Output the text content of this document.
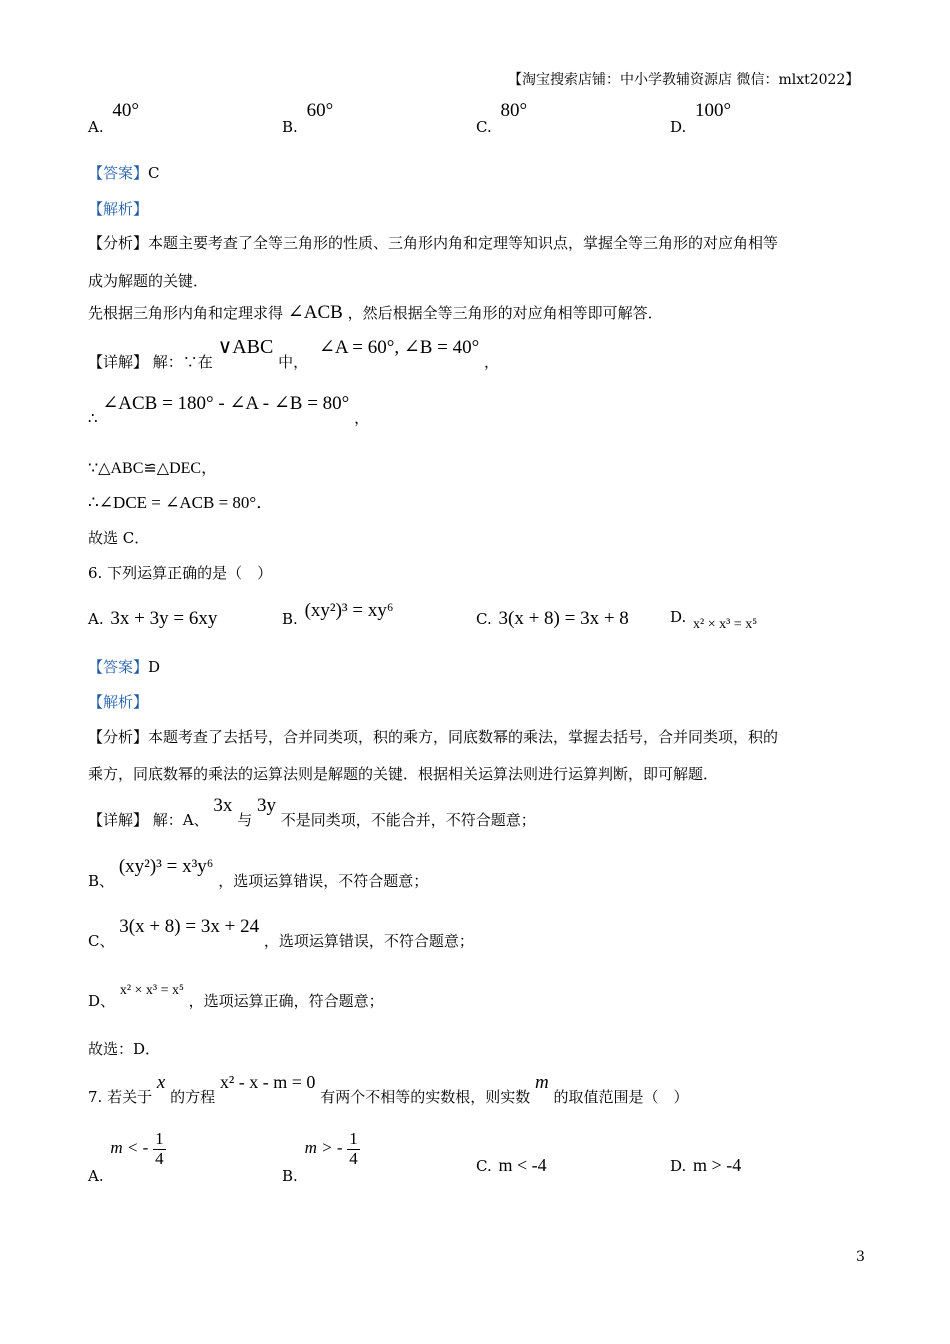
【淘宝搜索店铺：中小学教辅资源店 微信：mlxt2022】
A. 40°
B. 60°
C. 80°
D. 100°
【答案】C
【解析】
【分析】本题主要考查了全等三角形的性质、三角形内角和定理等知识点，掌握全等三角形的对应角相等
成为解题的关键．
先根据三角形内角和定理求得 ∠ACB ，然后根据全等三角形的对应角相等即可解答．
【详解】 解：∵在 ∨ABC 中， ∠A = 60°, ∠B = 40° ，
∴ ∠ACB = 180° - ∠A - ∠B = 80° ，
∵△ABC≌△DEC，
∴∠DCE = ∠ACB = 80°．
故选 C．
6. 下列运算正确的是（　）
A. 3x + 3y = 6xy	B. (xy²)³ = xy⁶	C. 3(x + 8) = 3x + 8	D. x² × x³ = x⁵
【答案】D
【解析】
【分析】本题考查了去括号，合并同类项，积的乘方，同底数幂的乘法，掌握去括号，合并同类项，积的
乘方，同底数幂的乘法的运算法则是解题的关键．根据相关运算法则进行运算判断，即可解题．
【详解】 解：A、 3x 与 3y 不是同类项，不能合并，不符合题意；
B、 (xy²)³ = x³y⁶ ，选项运算错误，不符合题意；
C、 3(x + 8) = 3x + 24 ，选项运算错误，不符合题意；
D、 x² × x³ = x⁵ ，选项运算正确，符合题意；
故选：D．
7. 若关于 x 的方程 x² - x - m = 0 有两个不相等的实数根，则实数 m 的取值范围是（　）
A. m < - $\frac{1}{4}$
B. m > - $\frac{1}{4}$	C. m < -4	D. m > -4
3
